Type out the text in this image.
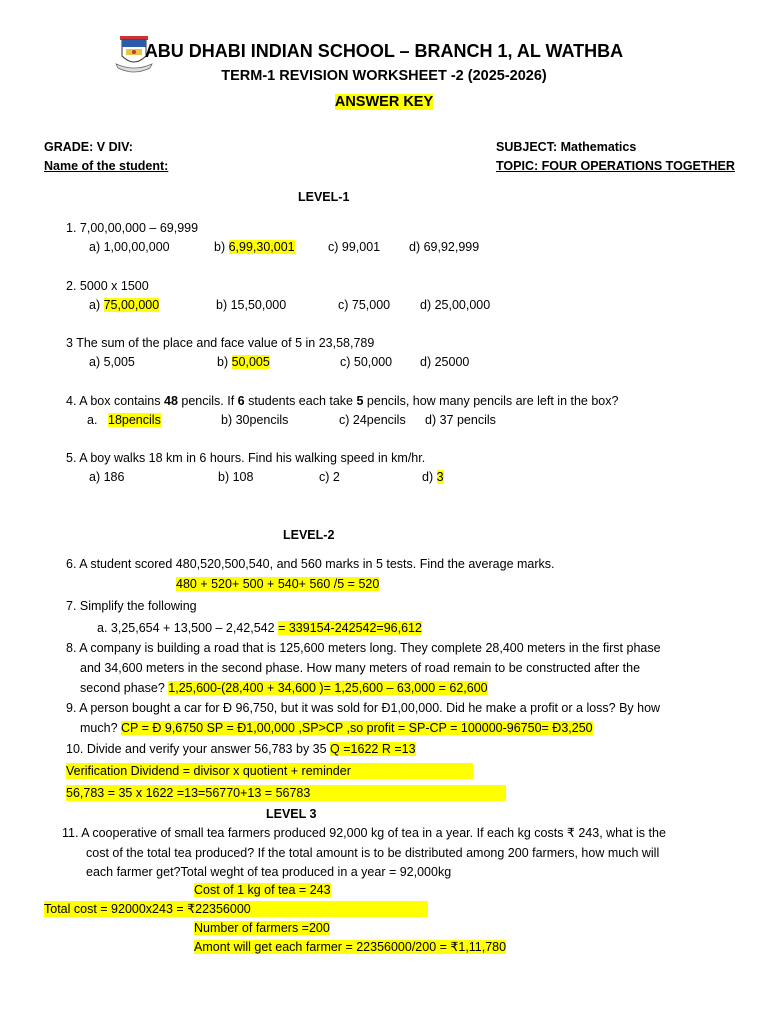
ABU DHABI INDIAN SCHOOL – BRANCH 1, AL WATHBA
TERM-1 REVISION WORKSHEET -2 (2025-2026)
ANSWER KEY
GRADE: V DIV:	SUBJECT: Mathematics
Name of the student:	TOPIC: FOUR OPERATIONS TOGETHER
LEVEL-1
1. 7,00,00,000 – 69,999
a) 1,00,00,000	b) 6,99,30,001	c) 99,001 d) 69,92,999
2. 5000 x 1500
a) 75,00,000	b) 15,50,000	c) 75,000 d) 25,00,000
3 The sum of the place and face value of 5 in 23,58,789
a) 5,005	b) 50,005	c) 50,000 d) 25000
4. A box contains 48 pencils. If 6 students each take 5 pencils, how many pencils are left in the box?
a. 18pencils	b) 30pencils	c) 24pencils d) 37 pencils
5. A boy walks 18 km in 6 hours. Find his walking speed in km/hr.
a) 186	b) 108	c) 2	d) 3
LEVEL-2
6. A student scored 480,520,500,540, and 560 marks in 5 tests. Find the average marks.
480 + 520+ 500 + 540+ 560 /5 = 520
7. Simplify the following
a. 3,25,654 + 13,500 – 2,42,542 = 339154-242542=96,612
8. A company is building a road that is 125,600 meters long. They complete 28,400 meters in the first phase
and 34,600 meters in the second phase. How many meters of road remain to be constructed after the
second phase? 1,25,600-(28,400 + 34,600 )= 1,25,600 – 63,000 = 62,600
9. A person bought a car for Đ 96,750, but it was sold for Đ1,00,000. Did he make a profit or a loss? By how
much? CP = Đ 9,6750 SP = Đ1,00,000 ,SP>CP ,so profit = SP-CP = 100000-96750= Đ3,250
10. Divide and verify your answer 56,783 by 35 Q =1622 R =13
Verification Dividend = divisor x quotient + reminder
56,783 = 35 x 1622 =13=56770+13 = 56783
LEVEL 3
11. A cooperative of small tea farmers produced 92,000 kg of tea in a year. If each kg costs ₹ 243, what is the
cost of the total tea produced? If the total amount is to be distributed among 200 farmers, how much will
each farmer get?Total weght of tea produced in a year = 92,000kg
Cost of 1 kg of tea = 243
Total cost = 92000x243 = ₹22356000
Number of farmers =200
Amont will get each farmer = 22356000/200 = ₹1,11,780
